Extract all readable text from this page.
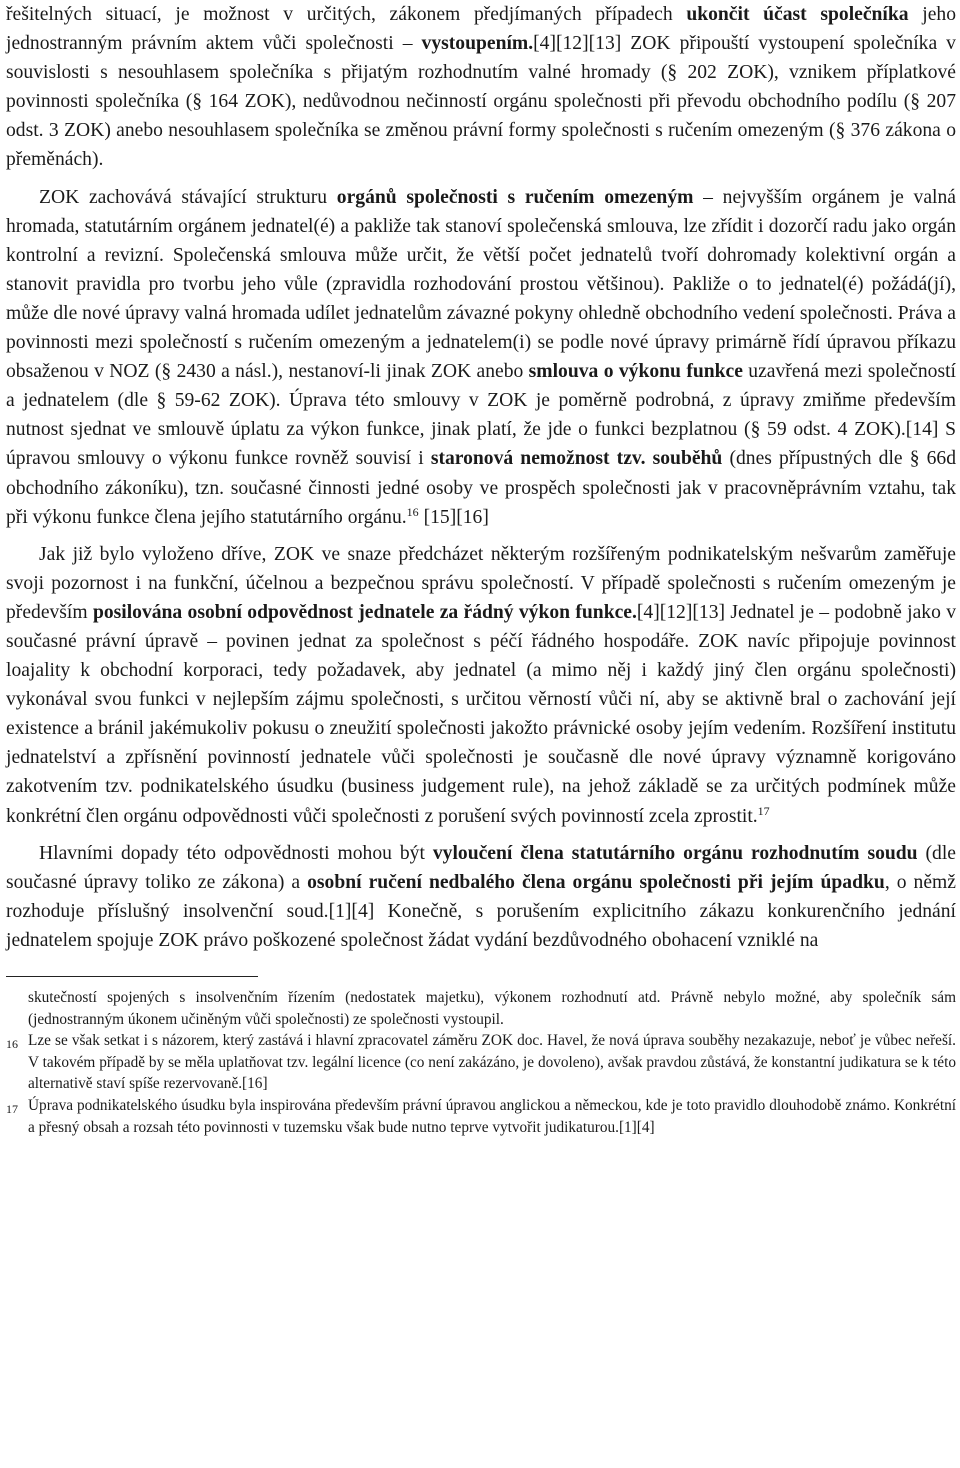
řešitelných situací, je možnost v určitých, zákonem předjímaných případech ukončit účast společníka jeho jednostranným právním aktem vůči společnosti – vystoupením.[4][12][13] ZOK připouští vystoupení společníka v souvislosti s nesouhlasem společníka s přijatým rozhodnutím valné hromady (§ 202 ZOK), vznikem příplatkové povinnosti společníka (§ 164 ZOK), nedůvodnou nečinností orgánu společnosti při převodu obchodního podílu (§ 207 odst. 3 ZOK) anebo nesouhlasem společníka se změnou právní formy společnosti s ručením omezeným (§ 376 zákona o přeměnách).

ZOK zachovává stávající strukturu orgánů společnosti s ručením omezeným – nejvyšším orgánem je valná hromada, statutárním orgánem jednatel(é) a pakliže tak stanoví společenská smlouva, lze zřídit i dozorčí radu jako orgán kontrolní a revizní. Společenská smlouva může určit, že větší počet jednatelů tvoří dohromady kolektivní orgán a stanovit pravidla pro tvorbu jeho vůle (zpravidla rozhodování prostou většinou). Pakliže o to jednatel(é) požádá(jí), může dle nové úpravy valná hromada udílet jednatelům závazné pokyny ohledně obchodního vedení společnosti. Práva a povinnosti mezi společností s ručením omezeným a jednatelem(i) se podle nové úpravy primárně řídí úpravou příkazu obsaženou v NOZ (§ 2430 a násl.), nestanoví-li jinak ZOK anebo smlouva o výkonu funkce uzavřená mezi společností a jednatelem (dle § 59-62 ZOK). Úprava této smlouvy v ZOK je poměrně podrobná, z úpravy zmiňme především nutnost sjednat ve smlouvě úplatu za výkon funkce, jinak platí, že jde o funkci bezplatnou (§ 59 odst. 4 ZOK).[14] S úpravou smlouvy o výkonu funkce rovněž souvisí i staronová nemožnost tzv. souběhů (dnes přípustných dle § 66d obchodního zákoníku), tzn. současné činnosti jedné osoby ve prospěch společnosti jak v pracovněprávním vztahu, tak při výkonu funkce člena jejího statutárního orgánu.$^{16}$ [15][16]

Jak již bylo vyloženo dříve, ZOK ve snaze předcházet některým rozšířeným podnikatelským nešvarům zaměřuje svoji pozornost i na funkční, účelnou a bezpečnou správu společností. V případě společnosti s ručením omezeným je především posilována osobní odpovědnost jednatele za řádný výkon funkce.[4][12][13] Jednatel je – podobně jako v současné právní úpravě – povinen jednat za společnost s péčí řádného hospodáře. ZOK navíc připojuje povinnost loajality k obchodní korporaci, tedy požadavek, aby jednatel (a mimo něj i každý jiný člen orgánu společnosti) vykonával svou funkci v nejlepším zájmu společnosti, s určitou věrností vůči ní, aby se aktivně bral o zachování její existence a bránil jakémukoliv pokusu o zneužití společnosti jakožto právnické osoby jejím vedením. Rozšíření institutu jednatelství a zpřísnění povinností jednatele vůči společnosti je současně dle nové úpravy významně korigováno zakotvením tzv. podnikatelského úsudku (business judgement rule), na jehož základě se za určitých podmínek může konkrétní člen orgánu odpovědnosti vůči společnosti z porušení svých povinností zcela zprostit.$^{17}$

Hlavními dopady této odpovědnosti mohou být vyloučení člena statutárního orgánu rozhodnutím soudu (dle současné úpravy toliko ze zákona) a osobní ručení nedbalého člena orgánu společnosti při jejím úpadku, o němž rozhoduje příslušný insolvenční soud.[1][4] Konečně, s porušením explicitního zákazu konkurenčního jednání jednatelem spojuje ZOK právo poškozené společnost žádat vydání bezdůvodného obohacení vzniklé na

skutečností spojených s insolvenčním řízením (nedostatek majetku), výkonem rozhodnutí atd. Právně nebylo možné, aby společník sám (jednostranným úkonem učiněným vůči společnosti) ze společnosti vystoupil.

16 Lze se však setkat i s názorem, který zastává i hlavní zpracovatel záměru ZOK doc. Havel, že nová úprava souběhy nezakazuje, neboť je vůbec neřeší. V takovém případě by se měla uplatňovat tzv. legální licence (co není zakázáno, je dovoleno), avšak pravdou zůstává, že konstantní judikatura se k této alternativě staví spíše rezervovaně.[16]

17 Úprava podnikatelského úsudku byla inspirována především právní úpravou anglickou a německou, kde je toto pravidlo dlouhodobě známo. Konkrétní a přesný obsah a rozsah této povinnosti v tuzemsku však bude nutno teprve vytvořit judikaturou.[1][4]
